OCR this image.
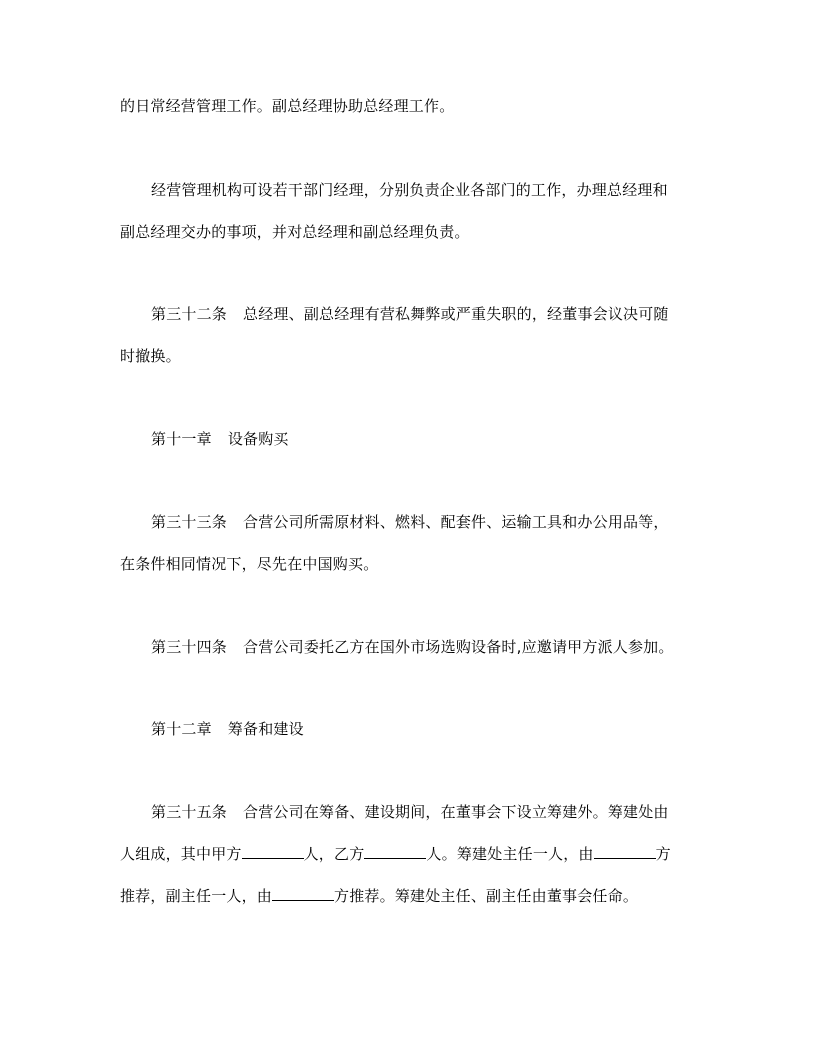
的日常经营管理工作。副总经理协助总经理工作。
经营管理机构可设若干部门经理，分别负责企业各部门的工作，办理总经理和
副总经理交办的事项，并对总经理和副总经理负责。
第三十二条 总经理、副总经理有营私舞弊或严重失职的，经董事会议决可随
时撤换。
第十一章 设备购买
第三十三条 合营公司所需原材料、燃料、配套件、运输工具和办公用品等，
在条件相同情况下，尽先在中国购买。
第三十四条 合营公司委托乙方在国外市场选购设备时,应邀请甲方派人参加。
第十二章 筹备和建设
第三十五条 合营公司在筹备、建设期间，在董事会下设立筹建外。筹建处由
人组成，其中甲方	人，乙方	人。筹建处主任一人，由	方
推荐，副主任一人，由	方推荐。筹建处主任、副主任由董事会任命。
